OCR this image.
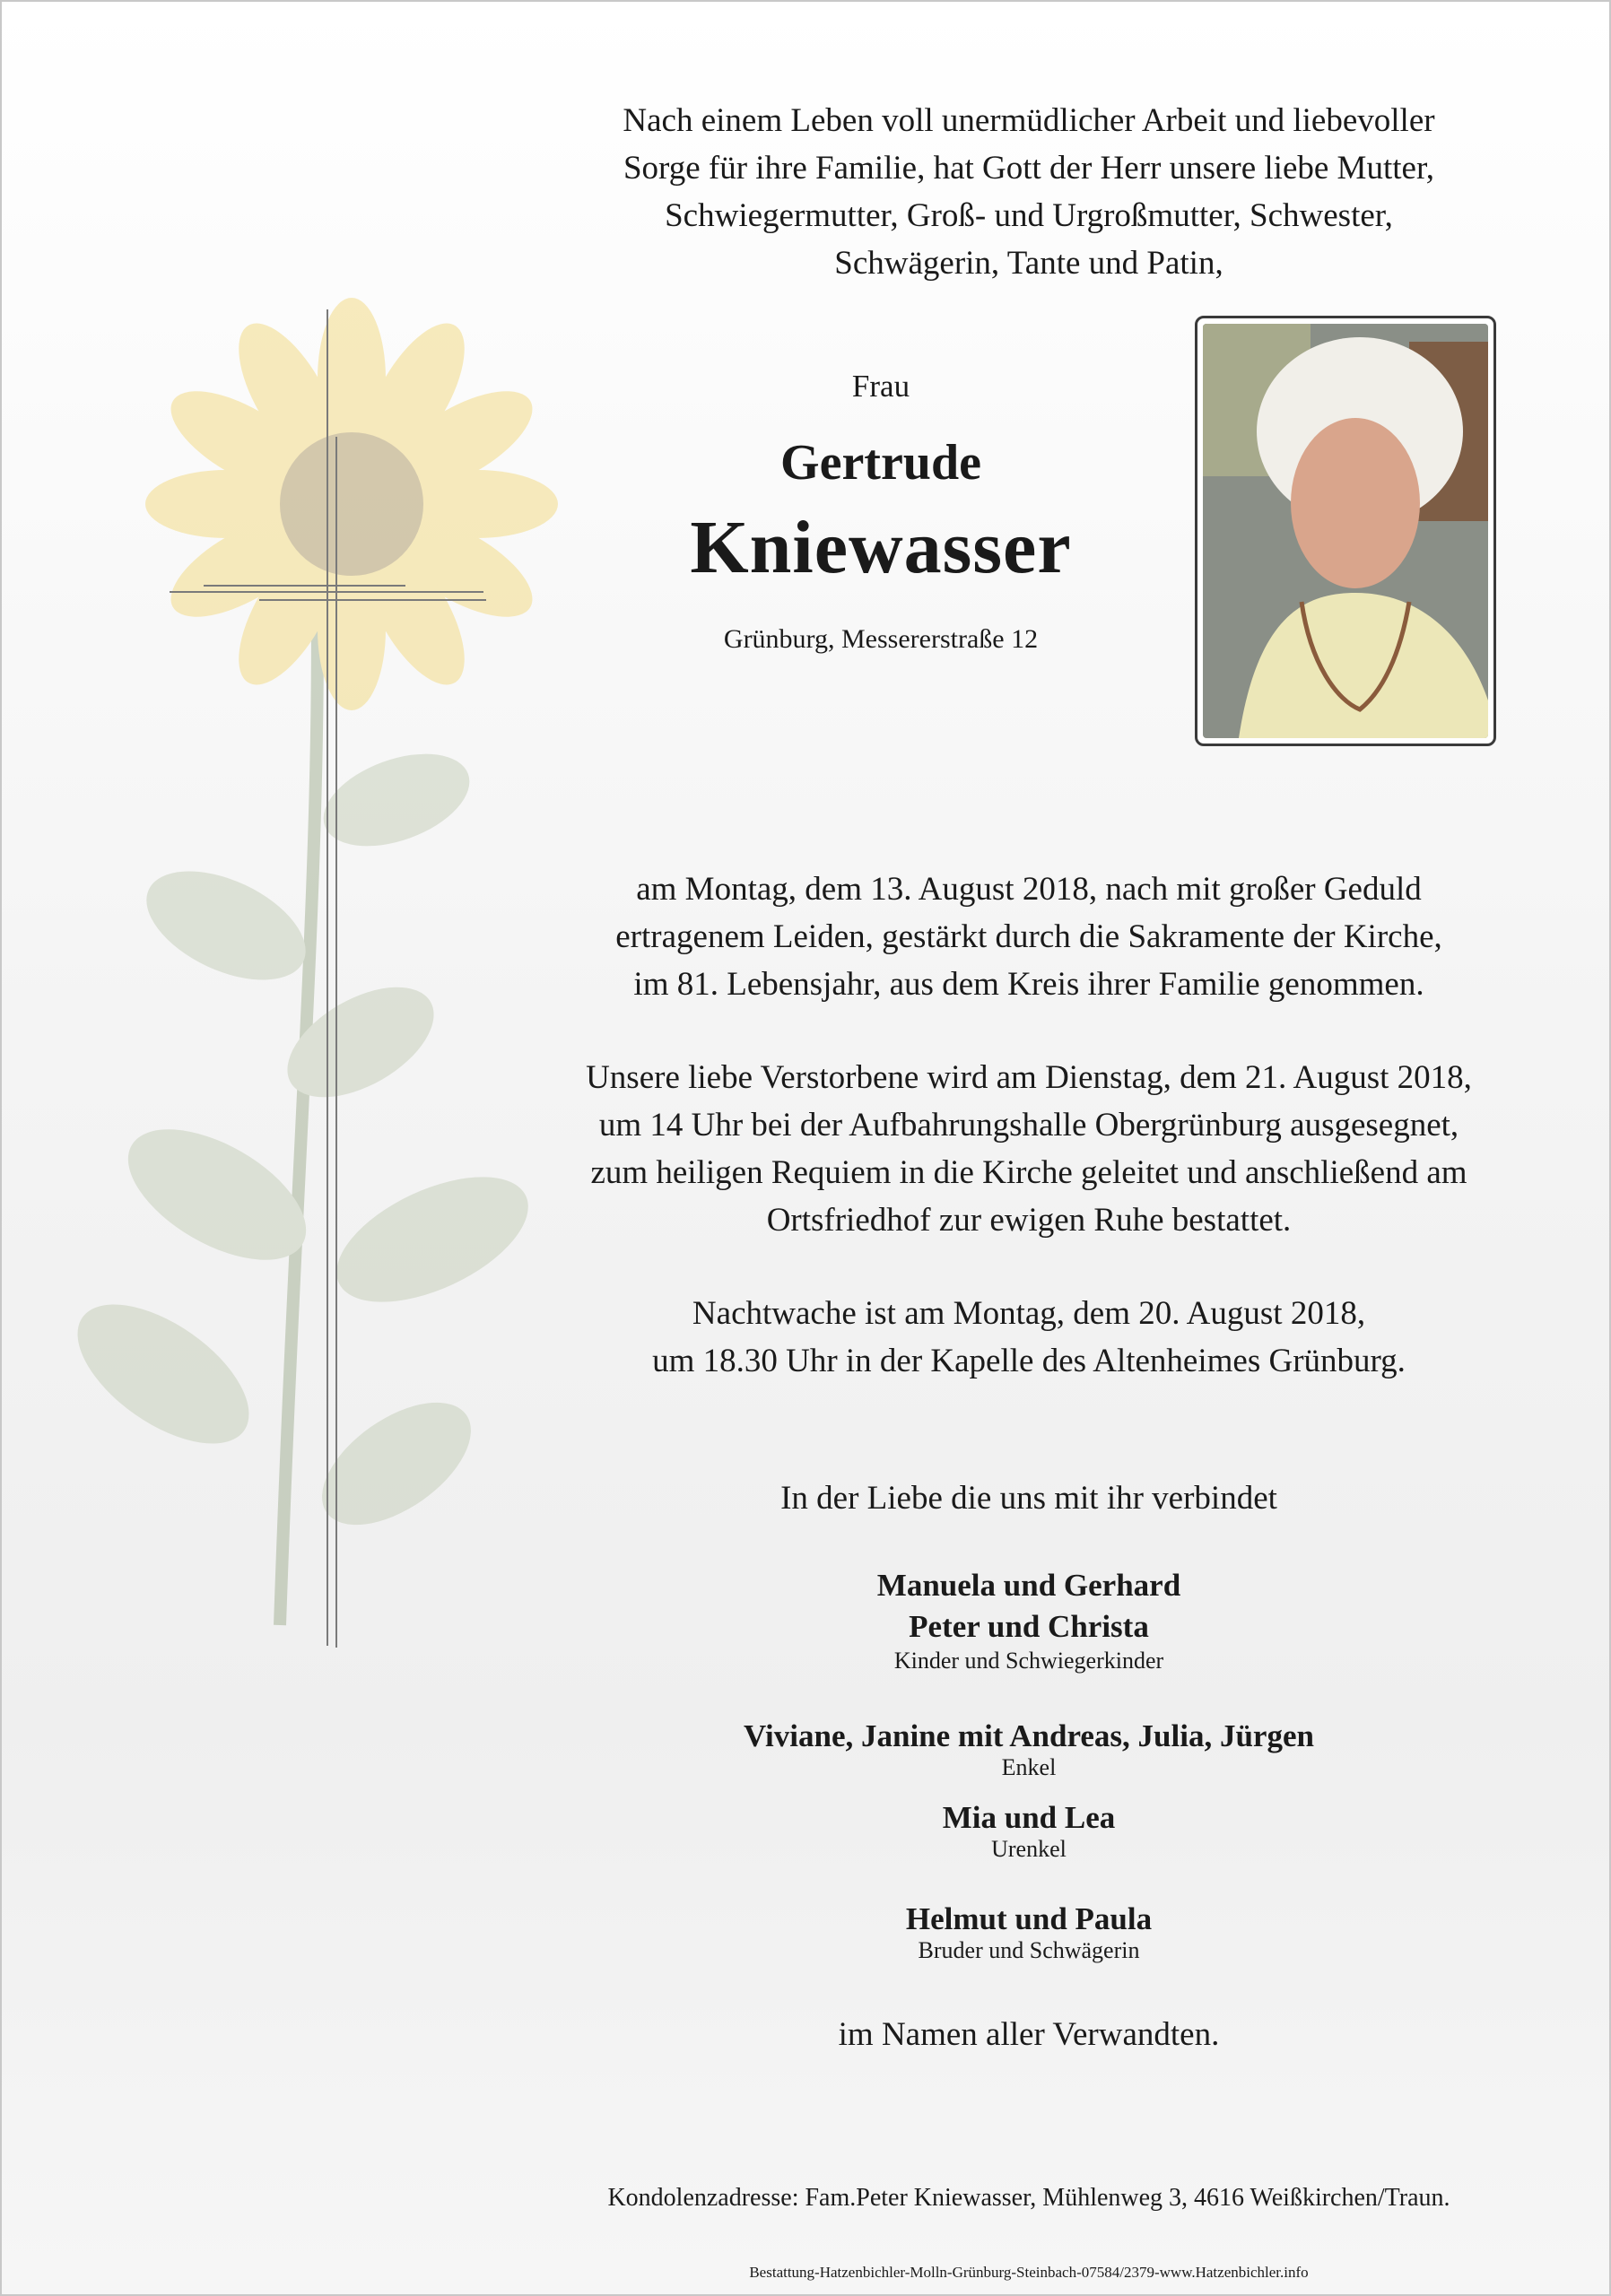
Nach einem Leben voll unermüdlicher Arbeit und liebevoller
Sorge für ihre Familie, hat Gott der Herr unsere liebe Mutter,
Schwiegermutter, Groß- und Urgroßmutter, Schwester,
Schwägerin, Tante und Patin,
Frau
Gertrude
Kniewasser
Grünburg, Messererstraße 12
am Montag, dem 13. August 2018, nach mit großer Geduld
ertragenem Leiden, gestärkt durch die Sakramente der Kirche,
im 81. Lebensjahr, aus dem Kreis ihrer Familie genommen.
Unsere liebe Verstorbene wird am Dienstag, dem 21. August 2018,
um 14 Uhr bei der Aufbahrungshalle Obergrünburg ausgesegnet,
zum heiligen Requiem in die Kirche geleitet und anschließend am
Ortsfriedhof zur ewigen Ruhe bestattet.
Nachtwache ist am Montag, dem 20. August 2018,
um 18.30 Uhr in der Kapelle des Altenheimes Grünburg.
In der Liebe die uns mit ihr verbindet
Manuela und Gerhard
Peter und Christa
Kinder und Schwiegerkinder
Viviane, Janine mit Andreas, Julia, Jürgen
Enkel
Mia und Lea
Urenkel
Helmut und Paula
Bruder und Schwägerin
im Namen aller Verwandten.
Kondolenzadresse: Fam.Peter Kniewasser, Mühlenweg 3, 4616 Weißkirchen/Traun.
Bestattung-Hatzenbichler-Molln-Grünburg-Steinbach-07584/2379-www.Hatzenbichler.info
